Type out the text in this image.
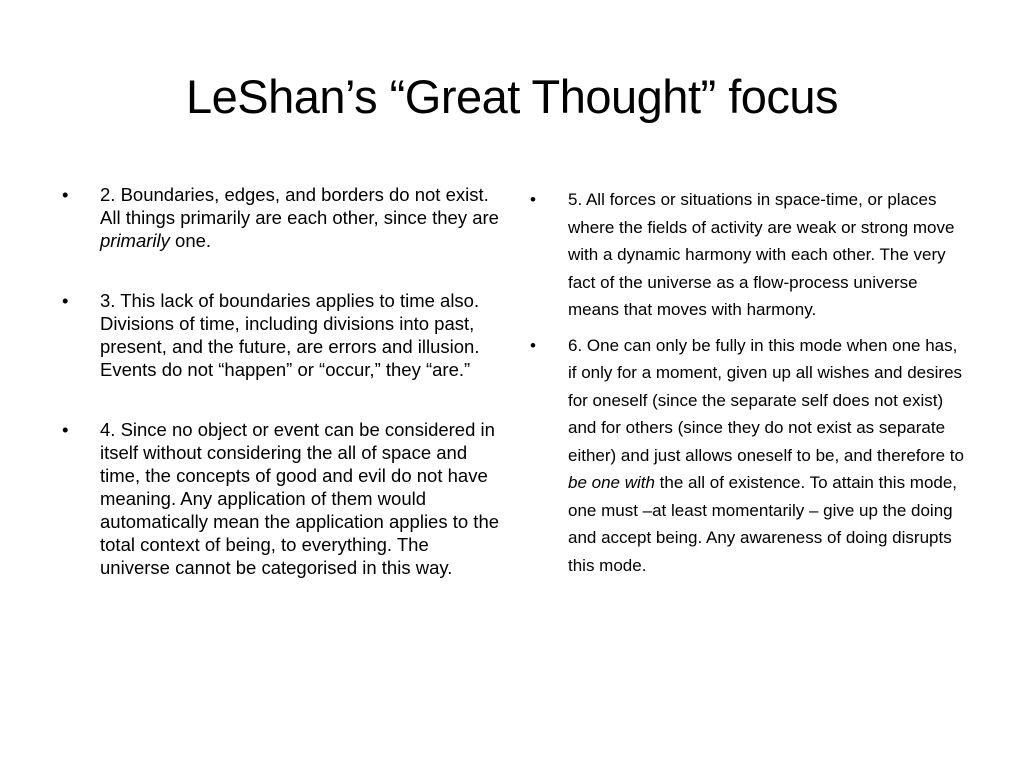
LeShan’s “Great Thought” focus
•	2. Boundaries, edges, and borders do not exist. All things primarily are each other, since they are primarily one.
•	3. This lack of boundaries applies to time also. Divisions of time, including divisions into past, present, and the future, are errors and illusion. Events do not “happen” or “occur,” they “are.”
•	4. Since no object or event can be considered in itself without considering the all of space and time, the concepts of good and evil do not have meaning. Any application of them would automatically mean the application applies to the total context of being, to everything. The universe cannot be categorised in this way.
•	5. All forces or situations in space-time, or places where the fields of activity are weak or strong move with a dynamic harmony with each other. The very fact of the universe as a flow-process universe means that moves with harmony.
•	6. One can only be fully in this mode when one has, if only for a moment, given up all wishes and desires for oneself (since the separate self does not exist) and for others (since they do not exist as separate either) and just allows oneself to be, and therefore to be one with the all of existence. To attain this mode, one must –at least momentarily – give up the doing and accept being. Any awareness of doing disrupts this mode.
